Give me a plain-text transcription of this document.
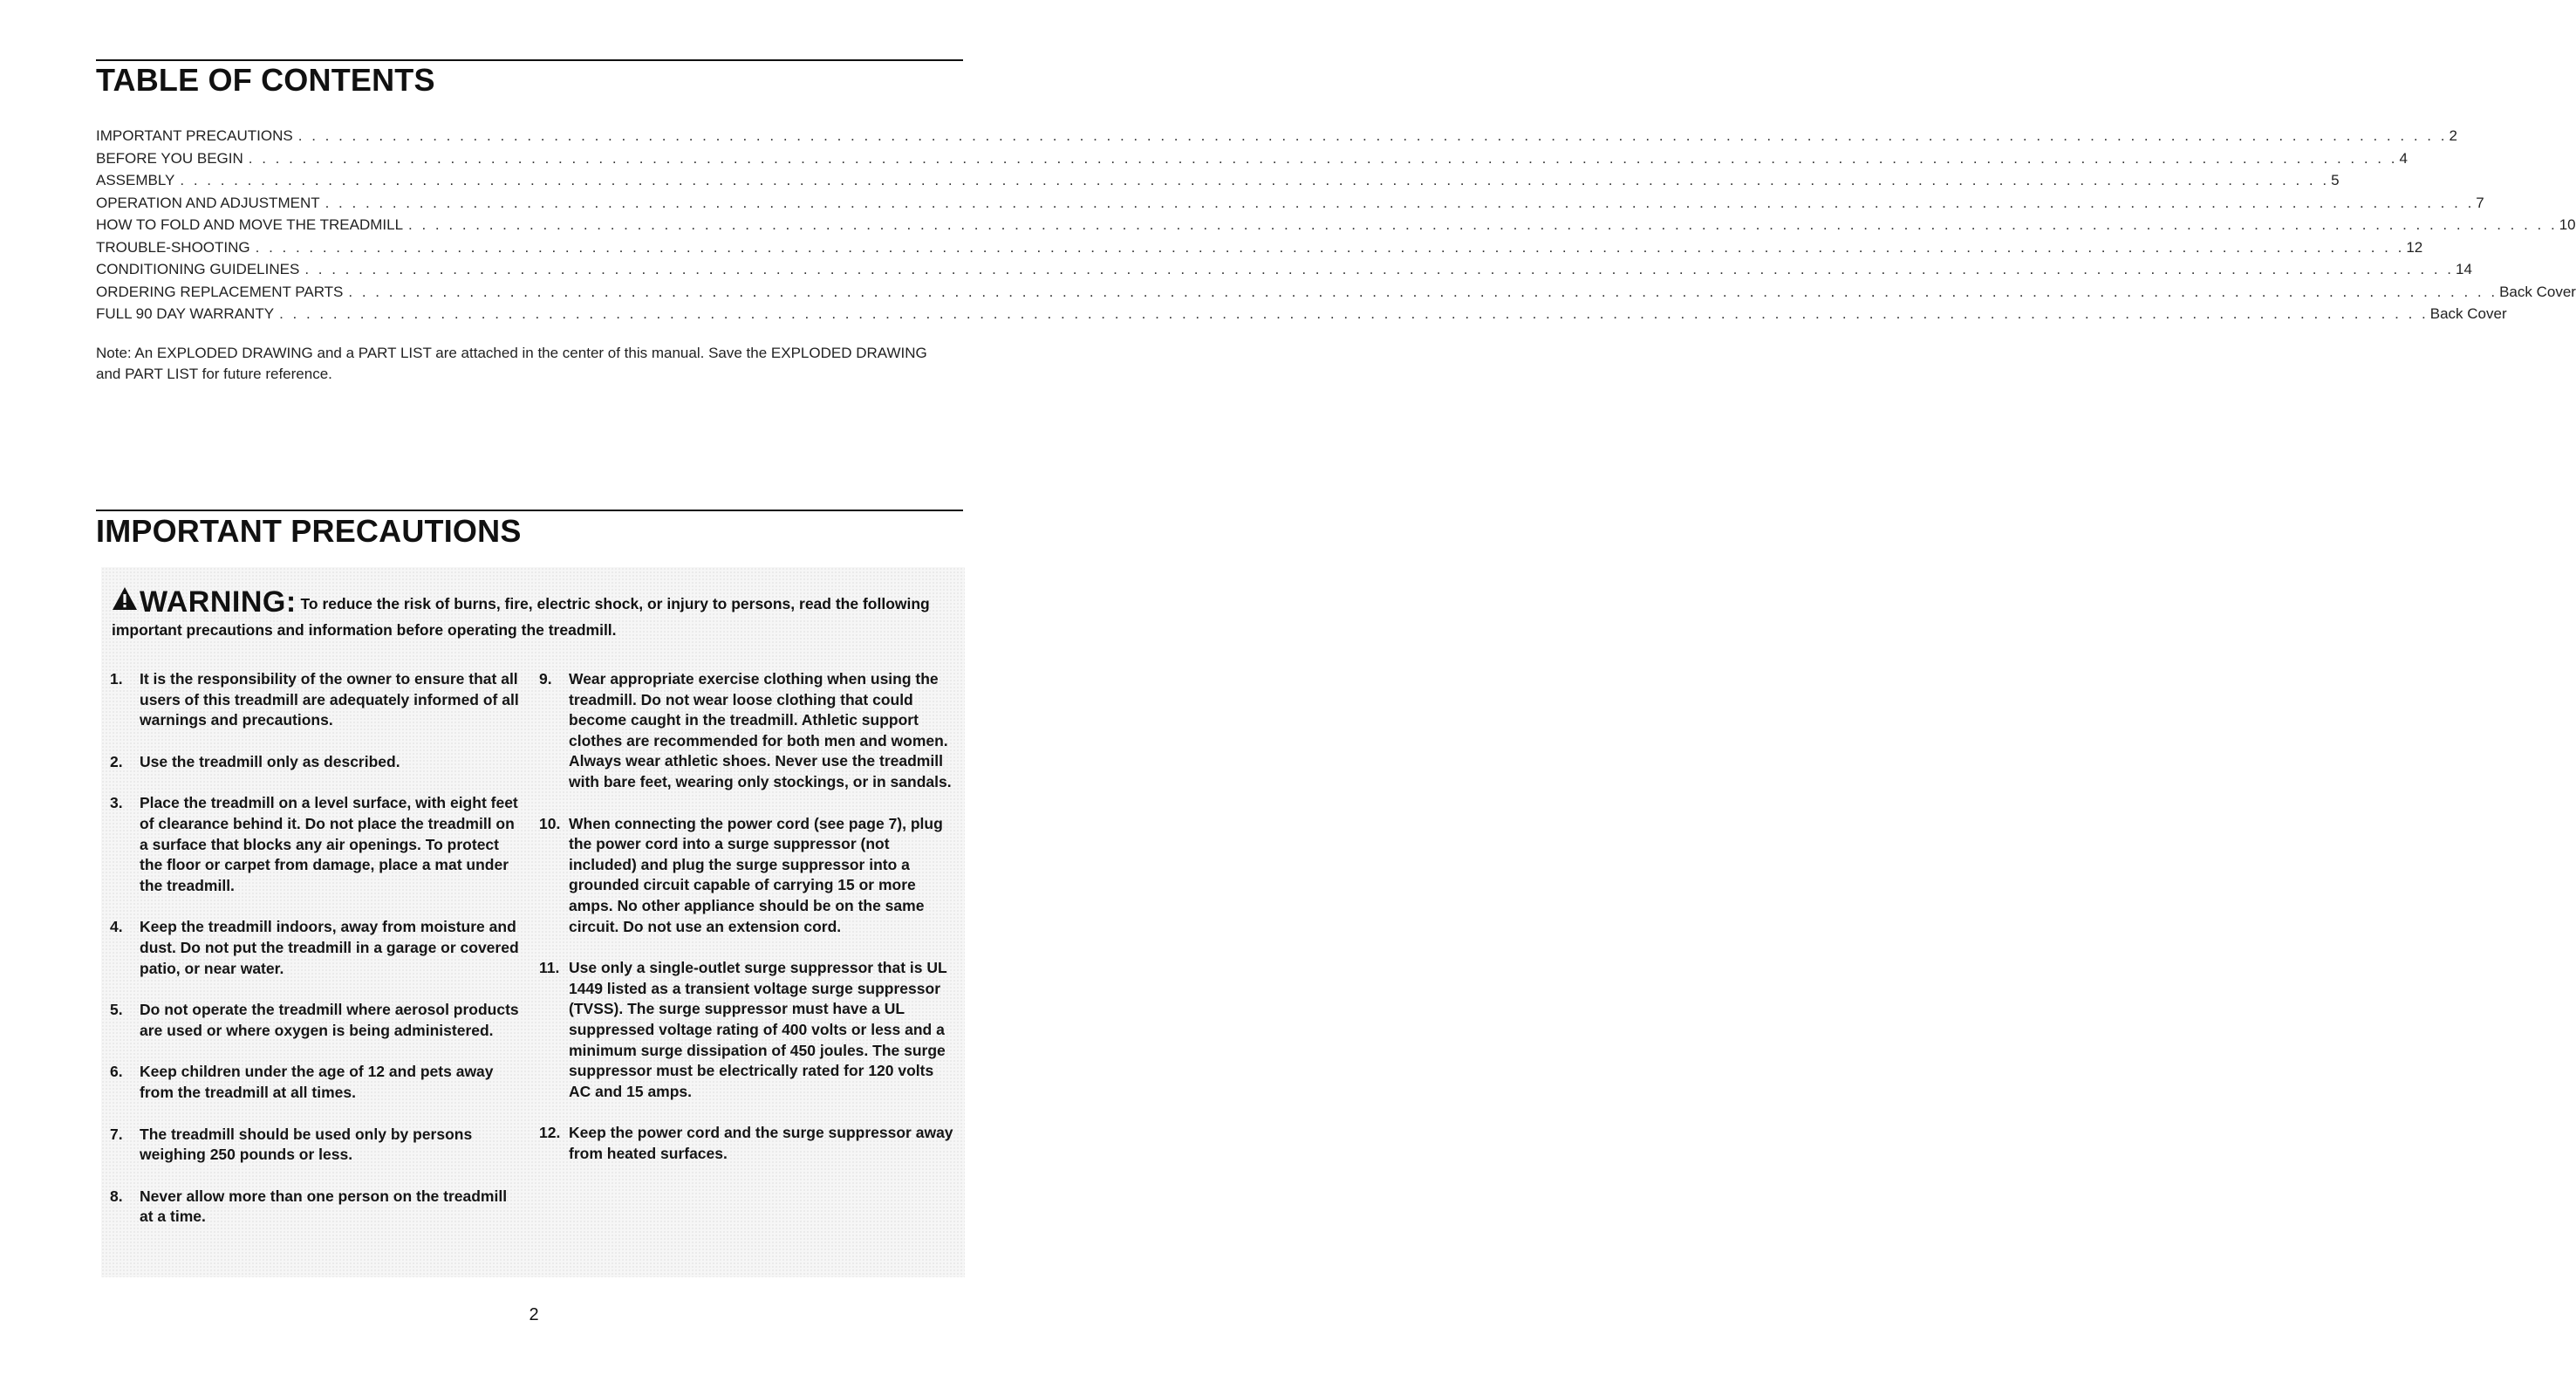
TABLE OF CONTENTS
IMPORTANT PRECAUTIONS . . . . . . . . . . . . . . . . . . . . . . . . . . . . . . . . . . . . . . . . . . . . . . . . . . . . . . . . . . . . . . . . . . . . . . . . . . . . . . . . . . . . . . . . . . . . . . . . . . . . . . . . . . . . . . . . . . . . . . . . . . . . . . . . . . . . . . . . . . . . . . . . . . . . . . . . . . . . . . . . 2
BEFORE YOU BEGIN . . . . . . . . . . . . . . . . . . . . . . . . . . . . . . . . . . . . . . . . . . . . . . . . . . . . . . . . . . . . . . . . . . . . . . . . . . . . . . . . . . . . . . . . . . . . . . . . . . . . . . . . . . . . . . . . . . . . . . . . . . . . . . . . . . . . . . . . . . . . . . . . . . . . . . . . . . . . . . . . 4
ASSEMBLY . . . . . . . . . . . . . . . . . . . . . . . . . . . . . . . . . . . . . . . . . . . . . . . . . . . . . . . . . . . . . . . . . . . . . . . . . . . . . . . . . . . . . . . . . . . . . . . . . . . . . . . . . . . . . . . . . . . . . . . . . . . . . . . . . . . . . . . . . . . . . . . . . . . . . . . . . . . . . . . . 5
OPERATION AND ADJUSTMENT . . . . . . . . . . . . . . . . . . . . . . . . . . . . . . . . . . . . . . . . . . . . . . . . . . . . . . . . . . . . . . . . . . . . . . . . . . . . . . . . . . . . . . . . . . . . . . . . . . . . . . . . . . . . . . . . . . . . . . . . . . . . . . . . . . . . . . . . . . . . . . . . . . . . . . . . . . . . . . . . 7
HOW TO FOLD AND MOVE THE TREADMILL . . . . . . . . . . . . . . . . . . . . . . . . . . . . . . . . . . . . . . . . . . . . . . . . . . . . . . . . . . . . . . . . . . . . . . . . . . . . . . . . . . . . . . . . . . . . . . . . . . . . . . . . . . . . . . . . . . . . . . . . . . . . . . . . . . . . . . . . . . . . . . . . . . . . . . . . . . . . . . . . 10
TROUBLE-SHOOTING . . . . . . . . . . . . . . . . . . . . . . . . . . . . . . . . . . . . . . . . . . . . . . . . . . . . . . . . . . . . . . . . . . . . . . . . . . . . . . . . . . . . . . . . . . . . . . . . . . . . . . . . . . . . . . . . . . . . . . . . . . . . . . . . . . . . . . . . . . . . . . . . . . . . . . . . . . . . . . . . 12
CONDITIONING GUIDELINES . . . . . . . . . . . . . . . . . . . . . . . . . . . . . . . . . . . . . . . . . . . . . . . . . . . . . . . . . . . . . . . . . . . . . . . . . . . . . . . . . . . . . . . . . . . . . . . . . . . . . . . . . . . . . . . . . . . . . . . . . . . . . . . . . . . . . . . . . . . . . . . . . . . . . . . . . . . . . . . . 14
ORDERING REPLACEMENT PARTS . . . . . . . . . . . . . . . . . . . . . . . . . . . . . . . . . . . . . . . . . . . . . . . . . . . . . . . . . . . . . . . . . . . . . . . . . . . . . . . . . . . . . . . . . . . . . . . . . . . . . . . . . . . . . . . . . . . . . . . . . . . . . . . . . . . . . . . . . . . . . . . . . . . . . . . . . . . . . . . . Back Cover
FULL 90 DAY WARRANTY . . . . . . . . . . . . . . . . . . . . . . . . . . . . . . . . . . . . . . . . . . . . . . . . . . . . . . . . . . . . . . . . . . . . . . . . . . . . . . . . . . . . . . . . . . . . . . . . . . . . . . . . . . . . . . . . . . . . . . . . . . . . . . . . . . . . . . . . . . . . . . . . . . . . . . . . . . . . . . . . Back Cover

Note: An EXPLODED DRAWING and a PART LIST are attached in the center of this manual. Save the EXPLODED DRAWING and PART LIST for future reference.

IMPORTANT PRECAUTIONS
WARNING: To reduce the risk of burns, fire, electric shock, or injury to persons, read the following important precautions and information before operating the treadmill.
1.	It is the responsibility of the owner to ensure that all users of this treadmill are adequately informed of all warnings and precautions.
2.	Use the treadmill only as described.
3.	Place the treadmill on a level surface, with eight feet of clearance behind it. Do not place the treadmill on a surface that blocks any air openings. To protect the floor or carpet from damage, place a mat under the treadmill.
4.	Keep the treadmill indoors, away from moisture and dust. Do not put the treadmill in a garage or covered patio, or near water.
5.	Do not operate the treadmill where aerosol products are used or where oxygen is being administered.
6.	Keep children under the age of 12 and pets away from the treadmill at all times.
7.	The treadmill should be used only by persons weighing 250 pounds or less.
8.	Never allow more than one person on the treadmill at a time.
9.	Wear appropriate exercise clothing when using the treadmill. Do not wear loose clothing that could become caught in the treadmill. Athletic support clothes are recommended for both men and women. Always wear athletic shoes. Never use the treadmill with bare feet, wearing only stockings, or in sandals.
10. When connecting the power cord (see page 7), plug the power cord into a surge suppressor (not included) and plug the surge suppressor into a grounded circuit capable of carrying 15 or more amps. No other appliance should be on the same circuit. Do not use an extension cord.
11. Use only a single-outlet surge suppressor that is UL 1449 listed as a transient voltage surge suppressor (TVSS). The surge suppressor must have a UL suppressed voltage rating of 400 volts or less and a minimum surge dissipation of 450 joules. The surge suppressor must be electrically rated for 120 volts AC and 15 amps.
12. Keep the power cord and the surge suppressor away from heated surfaces.
2
